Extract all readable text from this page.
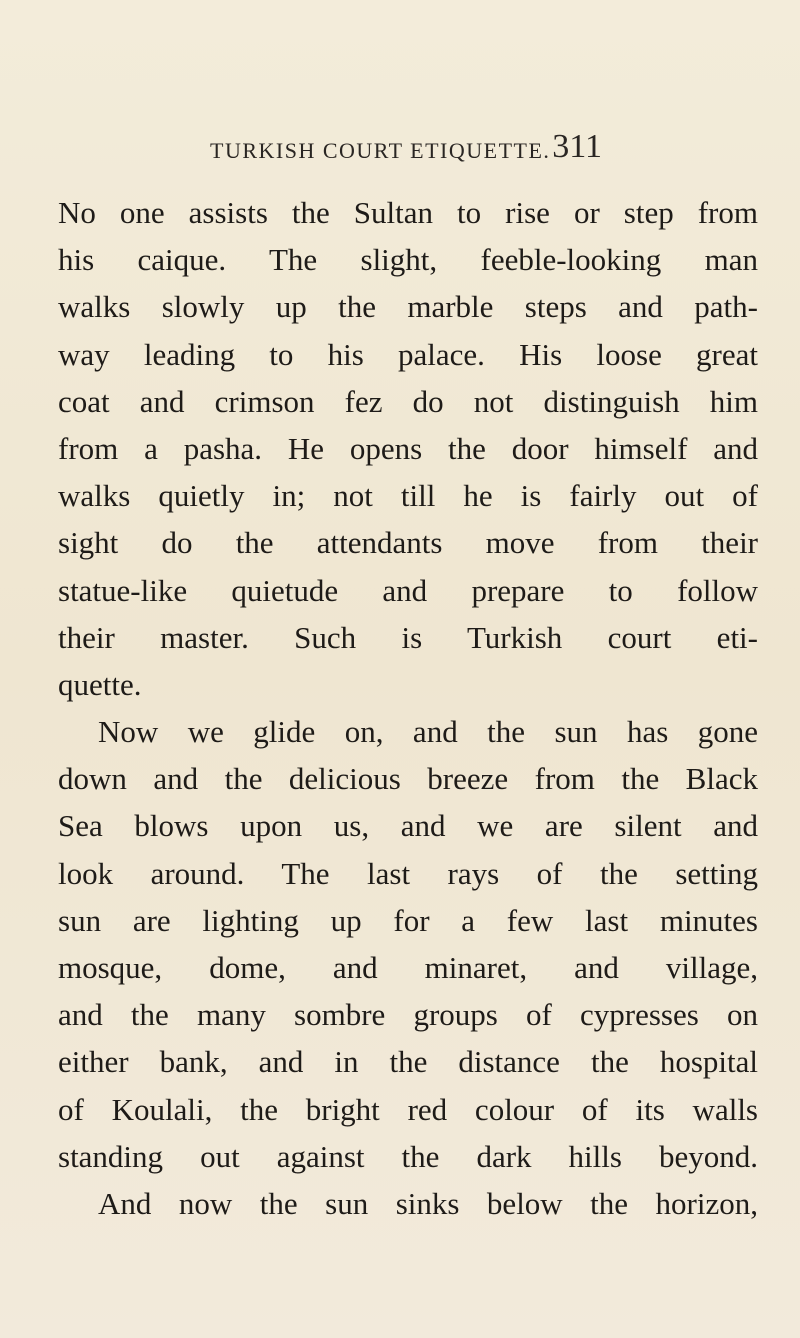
TURKISH COURT ETIQUETTE. 311
No one assists the Sultan to rise or step from
his caique. The slight, feeble-looking man
walks slowly up the marble steps and path-
way leading to his palace. His loose great
coat and crimson fez do not distinguish him
from a pasha. He opens the door himself and
walks quietly in; not till he is fairly out of
sight do the attendants move from their
statue-like quietude and prepare to follow
their master. Such is Turkish court eti-
quette.
Now we glide on, and the sun has gone
down and the delicious breeze from the Black
Sea blows upon us, and we are silent and
look around. The last rays of the setting
sun are lighting up for a few last minutes
mosque, dome, and minaret, and village,
and the many sombre groups of cypresses on
either bank, and in the distance the hospital
of Koulali, the bright red colour of its walls
standing out against the dark hills beyond.
And now the sun sinks below the horizon,
